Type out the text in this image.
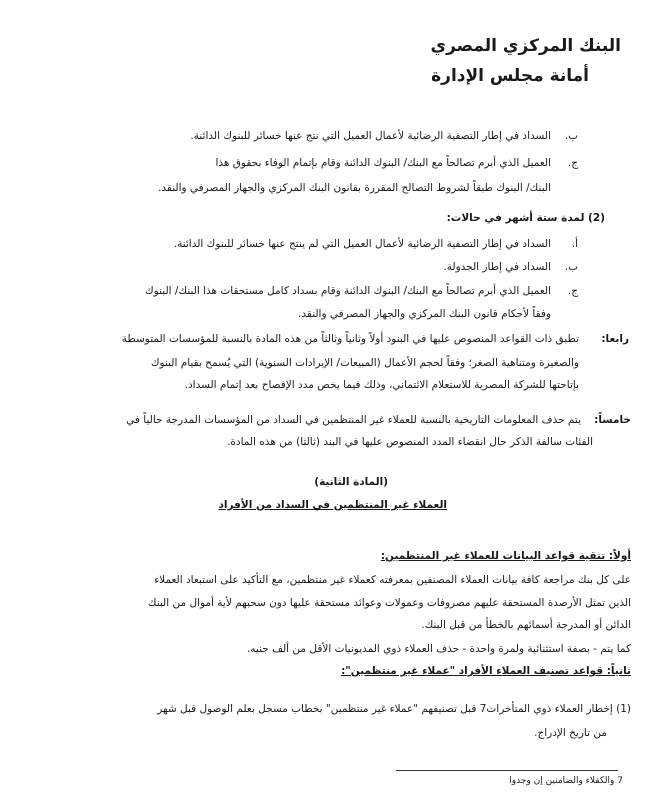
البنك المركزي المصري
أمانة مجلس الإدارة
ب.
السداد في إطار التصفية الرضائية لأعمال العميل التي نتج عنها خسائر للبنوك الدائنة.
ج.
العميل الذي أبرم تصالحاً مع البنك/ البنوك الدائنة وقام بإتمام الوفاء بحقوق هذا
البنك/ البنوك طبقاً لشروط التصالح المقررة بقانون البنك المركزي والجهاز المصرفي والنقد.
(2) لمدة ستة أشهر في حالات:
أ.
السداد في إطار التصفية الرضائية لأعمال العميل التي لم ينتج عنها خسائر للبنوك الدائنة.
ب.
السداد في إطار الجدولة.
ج.
العميل الذي أبرم تصالحاً مع البنك/ البنوك الدائنة وقام بسداد كامل مستحقات هذا البنك/ البنوك
وفقاً لأحكام قانون البنك المركزي والجهاز المصرفي والنقد.
رابعا:
تطبق ذات القواعد المنصوص عليها في البنود أولاً وثانياً وثالثاً من هذه المادة بالنسبة للمؤسسات المتوسطة
والصغيرة ومتناهية الصغر؛ وفقاً لحجم الأعمال (المبيعات/ الإيرادات السنوية) التي يُسمح بقيام البنوك
بإتاحتها للشركة المصرية للاستعلام الائتماني، وذلك فيما يخص مدد الإفصاح بعد إتمام السداد.
خامساً:
يتم حذف المعلومات التاريخية بالنسبة للعملاء غير المنتظمين في السداد من المؤسسات المدرجة حالياً في
الفئات سالفة الذكر حال انقضاء المدد المنصوص عليها في البند (ثالثا) من هذه المادة.
(المادة الثانية)
العملاء غير المنتظمين في السداد من الأفراد
أولاً: تنقية قواعد البيانات للعملاء غير المنتظمين:
على كل بنك مراجعة كافة بيانات العملاء المصنفين بمعرفته كعملاء غير منتظمين، مع التأكيد على استبعاد العملاء
الذين تمثل الأرصدة المستحقة عليهم مصروفات وعمولات وعوائد مستحقة عليها دون سحبهم لأية أموال من البنك
الدائن أو المدرجة أسمائهم بالخطأ من قبل البنك.
كما يتم - بصفة استثنائية ولمرة واحدة - حذف العملاء ذوي المديونيات الأقل من ألف جنيه.
ثانياً: قواعد تصنيف العملاء الأفراد "عملاء غير منتظمين":
(1) إخطار العملاء ذوي المتأخرات7 قبل تصنيفهم "عملاء غير منتظمين" بخطاب مسجل بعلم الوصول قبل شهر
من تاريخ الإدراج.
7 والكفلاء والضامنين إن وجدوا
